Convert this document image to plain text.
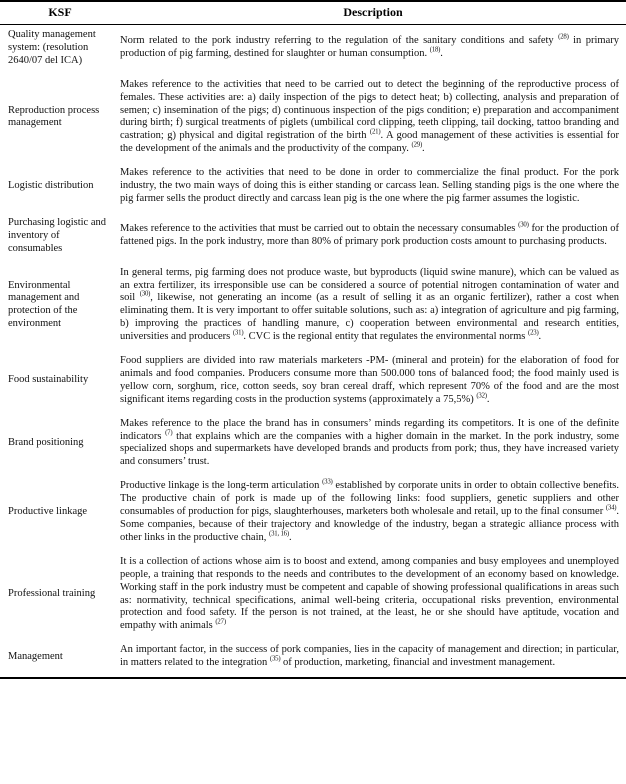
KSF	Description
Quality management system: (resolution 2640/07 del ICA)	Norm related to the pork industry referring to the regulation of the sanitary conditions and safety $^{(28)}$ in primary production of pig farming, destined for slaughter or human consumption. $^{(18)}$.
Reproduction process management	Makes reference to the activities that need to be carried out to detect the beginning of the reproductive process of females. These activities are: a) daily inspection of the pigs to detect heat; b) collecting, analysis and preparation of semen; c) insemination of the pigs; d) continuous inspection of the pigs condition; e) preparation and accompaniment during birth; f) surgical treatments of piglets (umbilical cord clipping, teeth clipping, tail docking, tattoo branding and castration; g) physical and digital registration of the birth $^{(21)}$. A good management of these activities is essential for the development of the animals and the productivity of the company. $^{(29)}$.
Logistic distribution	Makes reference to the activities that need to be done in order to commercialize the final product. For the pork industry, the two main ways of doing this is either standing or carcass lean. Selling standing pigs is the one where the pig farmer sells the product directly and carcass lean pig is the one where the pig farmer assumes the logistic.
Purchasing logistic and inventory of consumables	Makes reference to the activities that must be carried out to obtain the necessary consumables $^{(30)}$ for the production of fattened pigs. In the pork industry, more than 80% of primary pork production costs amount to purchasing products.
Environmental management and protection of the environment	In general terms, pig farming does not produce waste, but byproducts (liquid swine manure), which can be valued as an extra fertilizer, its irresponsible use can be considered a source of potential nitrogen contamination of water and soil $^{(30)}$, likewise, not generating an income (as a result of selling it as an organic fertilizer), rather a cost when eliminating them. It is very important to offer suitable solutions, such as: a) integration of agriculture and pig farming, b) improving the practices of handling manure, c) cooperation between environmental and research entities, universities and producers $^{(31)}$. CVC is the regional entity that regulates the environmental norms $^{(23)}$.
Food sustainability	Food suppliers are divided into raw materials marketers -PM- (mineral and protein) for the elaboration of food for animals and food companies. Producers consume more than 500.000 tons of balanced food; the food mainly used is yellow corn, sorghum, rice, cotton seeds, soy bran cereal draff, which represent 70% of the food and are the most significant items regarding costs in the production systems (approximately a 75,5%) $^{(32)}$.
Brand positioning	Makes reference to the place the brand has in consumers’ minds regarding its competitors. It is one of the definite indicators $^{(7)}$ that explains which are the companies with a higher domain in the market. In the pork industry, some specialized shops and supermarkets have developed brands and products from pork; thus, they have increased variety and consumers’ trust.
Productive linkage	Productive linkage is the long-term articulation $^{(33)}$ established by corporate units in order to obtain collective benefits. The productive chain of pork is made up of the following links: food suppliers, genetic suppliers and other consumables of production for pigs, slaughterhouses, marketers both wholesale and retail, up to the final consumer $^{(34)}$. Some companies, because of their trajectory and knowledge of the industry, began a strategic alliance process with other links in the productive chain, $^{(31, 16)}$.
Professional training	It is a collection of actions whose aim is to boost and extend, among companies and busy employees and unemployed people, a training that responds to the needs and contributes to the development of an economy based on knowledge. Working staff in the pork industry must be competent and capable of showing professional qualifications in areas such as: normativity, technical specifications, animal well-being criteria, occupational risks prevention, environmental protection and food safety. If the person is not trained, at the least, he or she should have aptitude, vocation and empathy with animals $^{(27)}$
Management	An important factor, in the success of pork companies, lies in the capacity of management and direction; in particular, in matters related to the integration $^{(35)}$ of production, marketing, financial and investment management.
